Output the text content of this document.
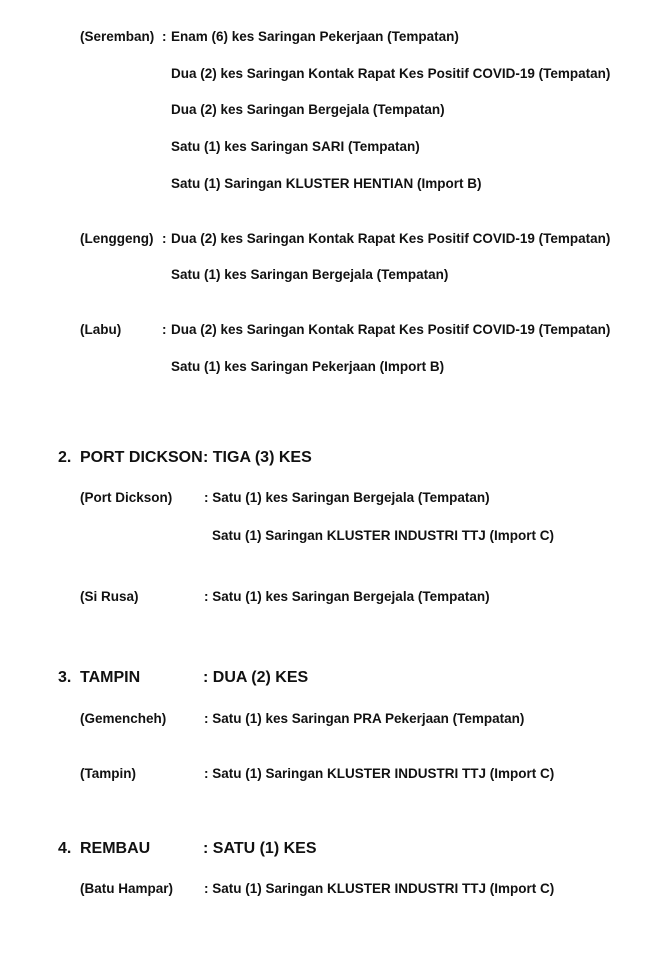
(Seremban) : Enam (6) kes Saringan Pekerjaan (Tempatan)
Dua (2) kes Saringan Kontak Rapat Kes Positif COVID-19 (Tempatan)
Dua (2) kes Saringan Bergejala (Tempatan)
Satu (1) kes Saringan SARI (Tempatan)
Satu (1) Saringan KLUSTER HENTIAN (Import B)
(Lenggeng) : Dua (2) kes Saringan Kontak Rapat Kes Positif COVID-19 (Tempatan)
Satu (1) kes Saringan Bergejala (Tempatan)
(Labu)	: Dua (2) kes Saringan Kontak Rapat Kes Positif COVID-19 (Tempatan)
Satu (1) kes Saringan Pekerjaan (Import B)
2. PORT DICKSON : TIGA (3) KES
(Port Dickson) : Satu (1) kes Saringan Bergejala (Tempatan)
Satu (1) Saringan KLUSTER INDUSTRI TTJ (Import C)
(Si Rusa)	: Satu (1) kes Saringan Bergejala (Tempatan)
3. TAMPIN	: DUA (2) KES
(Gemencheh)	: Satu (1) kes Saringan PRA Pekerjaan (Tempatan)
(Tampin)	: Satu (1) Saringan KLUSTER INDUSTRI TTJ (Import C)
4. REMBAU	: SATU (1) KES
(Batu Hampar) : Satu (1) Saringan KLUSTER INDUSTRI TTJ (Import C)
